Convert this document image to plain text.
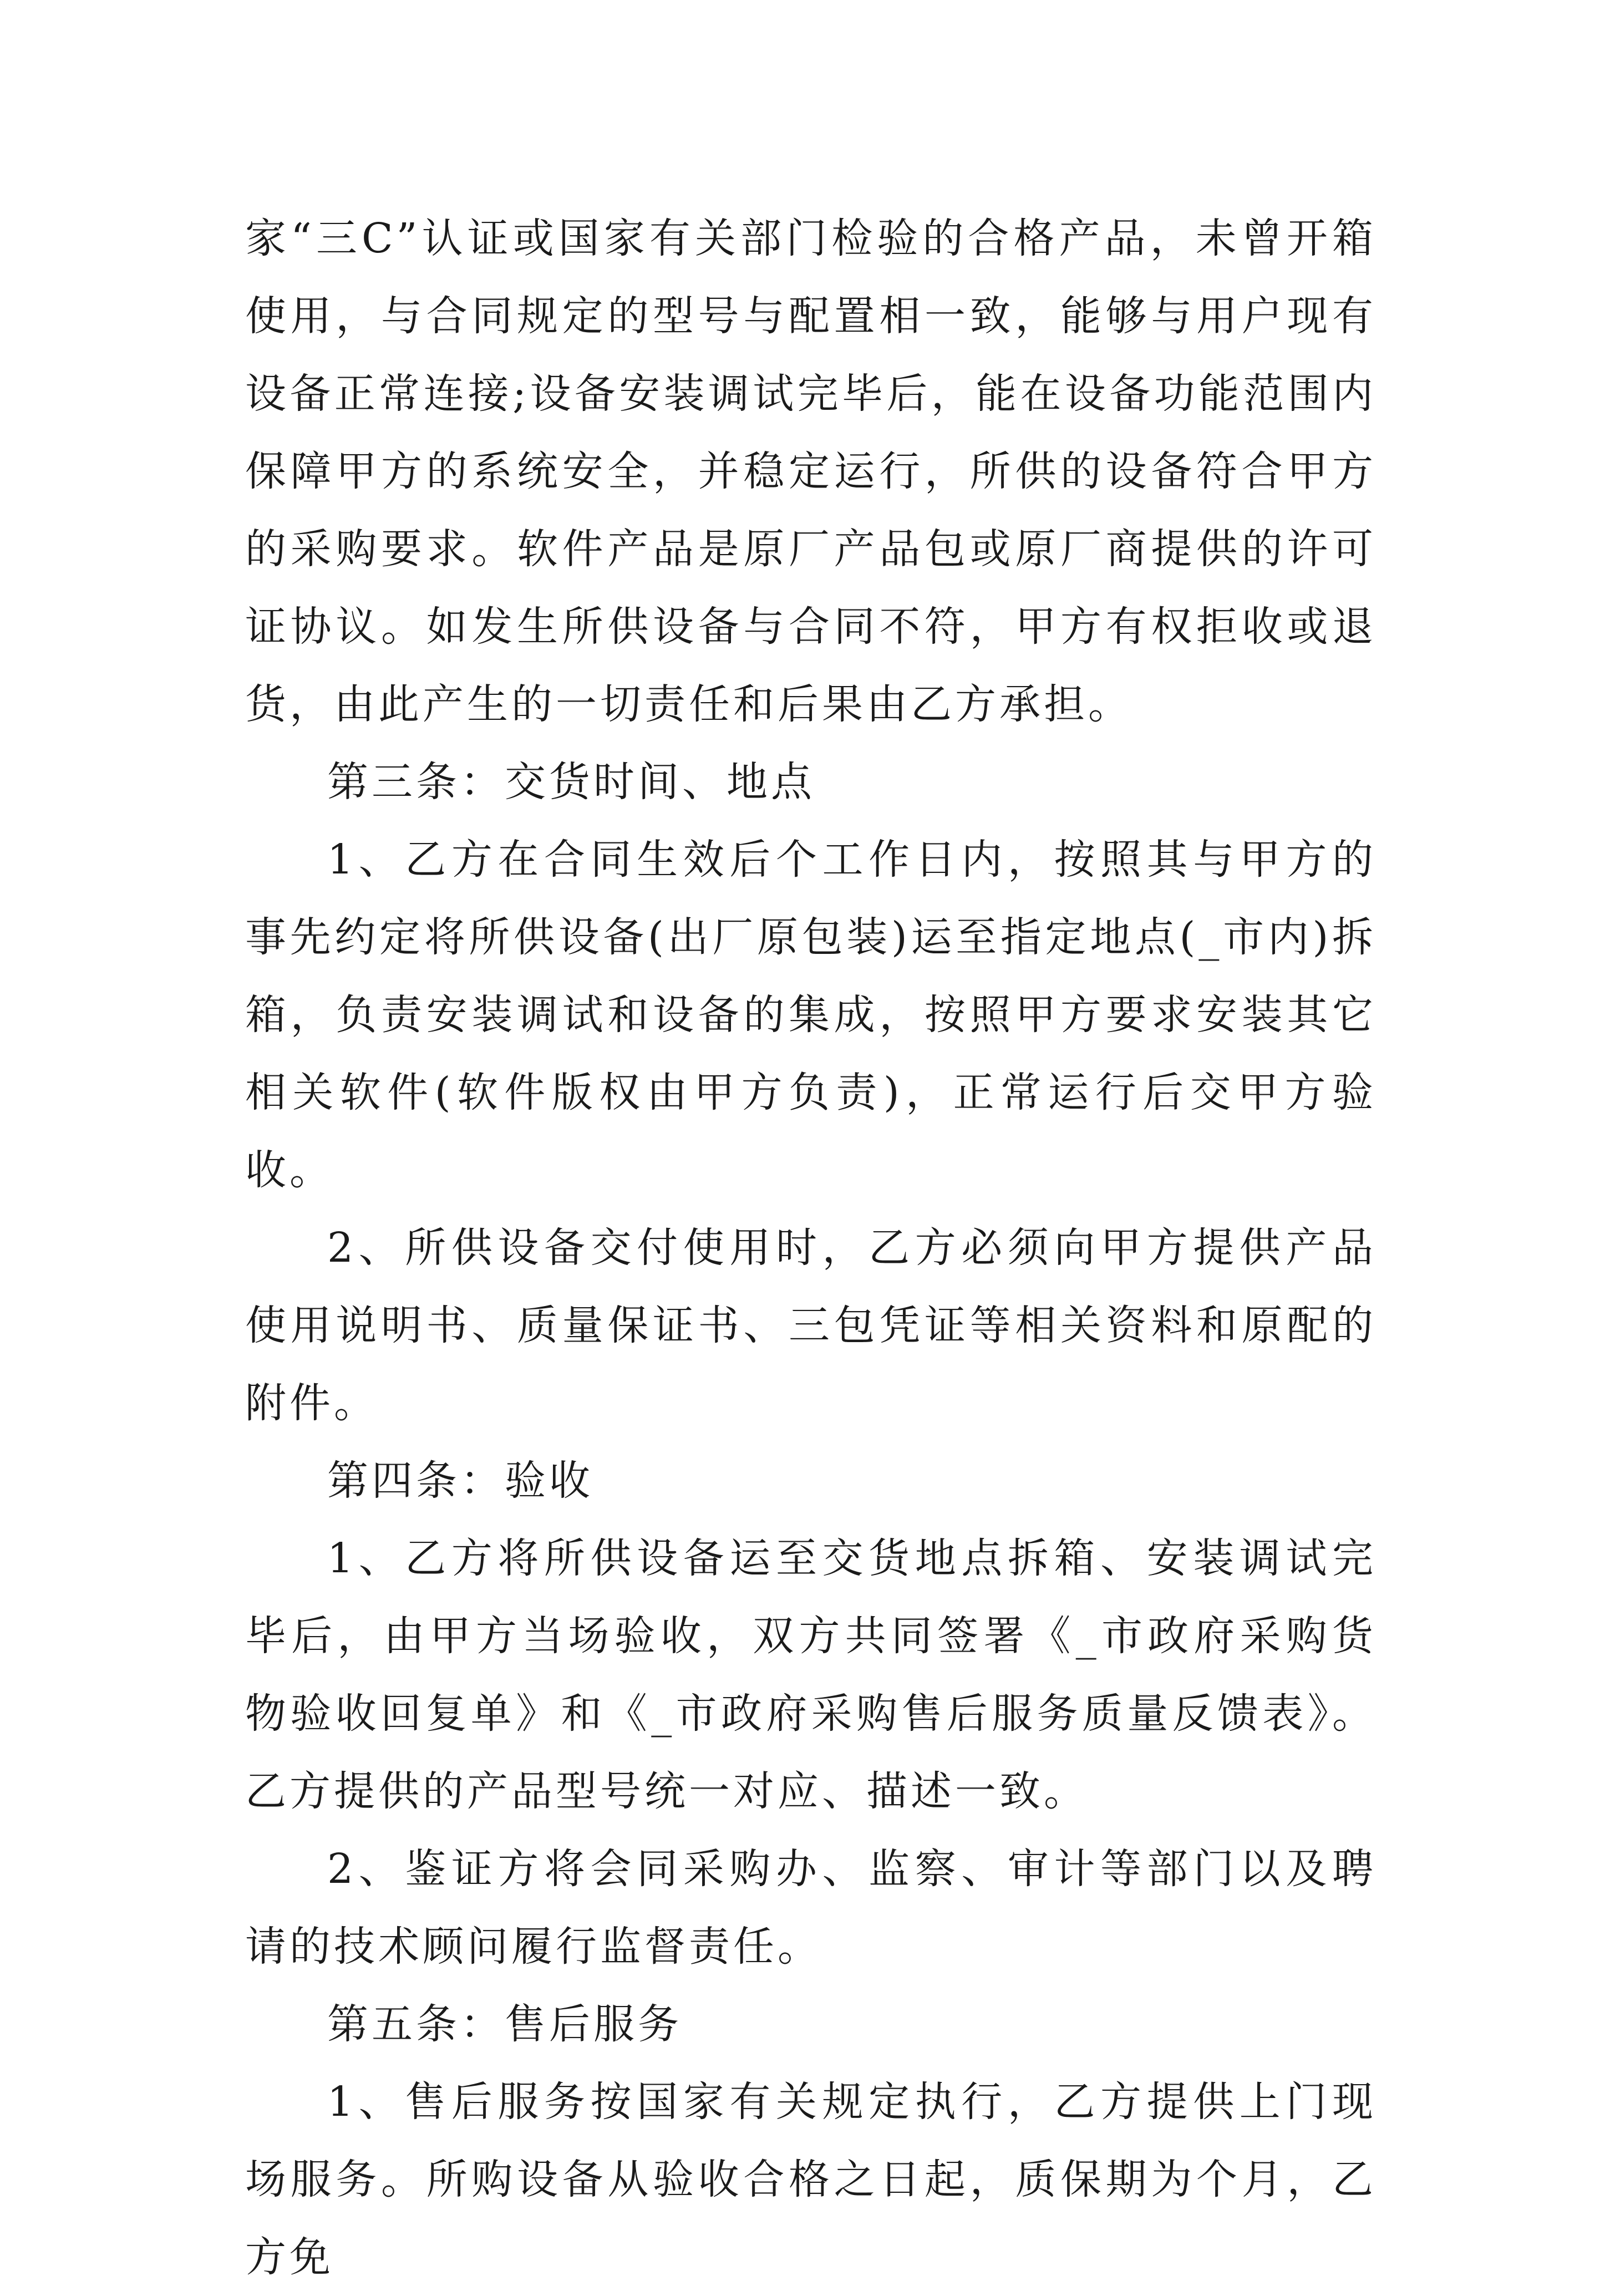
家“三C”认证或国家有关部门检验的合格产品，未曾开箱使用，与合同规定的型号与配置相一致，能够与用户现有设备正常连接;设备安装调试完毕后，能在设备功能范围内保障甲方的系统安全，并稳定运行，所供的设备符合甲方的采购要求。软件产品是原厂产品包或原厂商提供的许可证协议。如发生所供设备与合同不符，甲方有权拒收或退货，由此产生的一切责任和后果由乙方承担。

第三条：交货时间、地点

1、乙方在合同生效后个工作日内，按照其与甲方的事先约定将所供设备(出厂原包装)运至指定地点(_市内)拆箱，负责安装调试和设备的集成，按照甲方要求安装其它相关软件(软件版权由甲方负责)，正常运行后交甲方验收。

2、所供设备交付使用时，乙方必须向甲方提供产品使用说明书、质量保证书、三包凭证等相关资料和原配的附件。

第四条：验收

1、乙方将所供设备运至交货地点拆箱、安装调试完毕后，由甲方当场验收，双方共同签署《_市政府采购货物验收回复单》和《_市政府采购售后服务质量反馈表》。乙方提供的产品型号统一对应、描述一致。

2、鉴证方将会同采购办、监察、审计等部门以及聘请的技术顾问履行监督责任。

第五条：售后服务

1、售后服务按国家有关规定执行，乙方提供上门现场服务。所购设备从验收合格之日起，质保期为个月，乙方免
